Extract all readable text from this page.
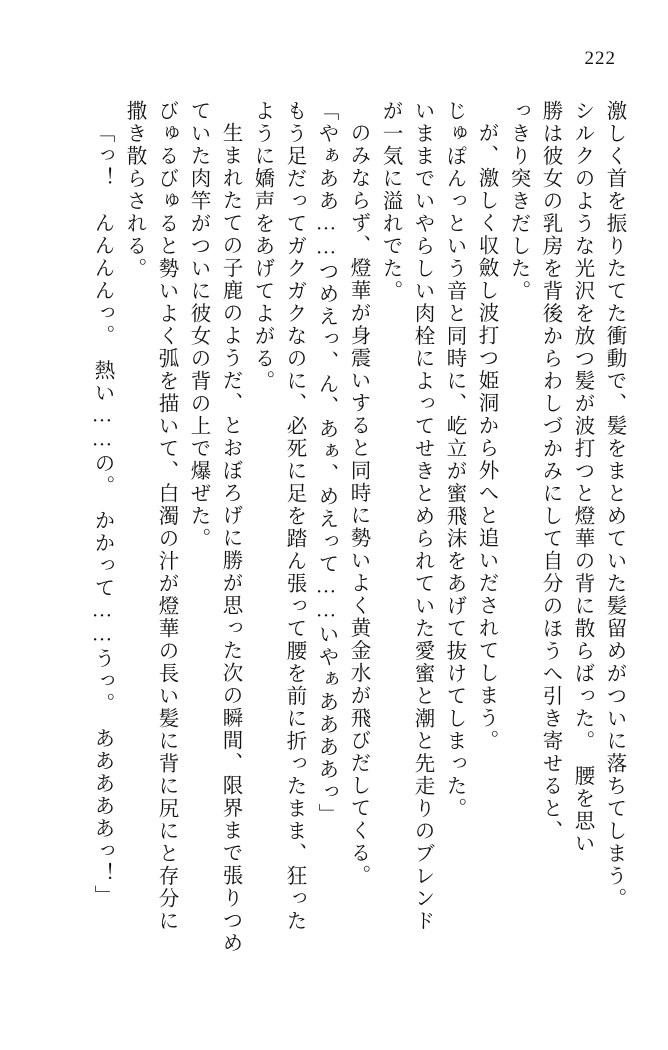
222
激しく首を振りたてた衝動で、髪をまとめていた髪留めがついに落ちてしまう。
シルクのような光沢を放つ髪が波打つと燈華の背に散らばった。　腰を思い
勝は彼女の乳房を背後からわしづかみにして自分のほうへ引き寄せると、
っきり突きだした。
が、激しく収斂し波打つ姫洞から外へと追いだされてしまう。
じゅぽんっという音と同時に、屹立が蜜飛沫をあげて抜けてしまった。
いままでいやらしい肉栓によってせきとめられていた愛蜜と潮と先走りのブレンド
が一気に溢れでた。
のみならず、燈華が身震いすると同時に勢いよく黄金水が飛びだしてくる。
「やぁああ……つめえっ、ん、あぁ、めえって……いやぁああああっ」
もう足だってガクガクなのに、必死に足を踏ん張って腰を前に折ったまま、狂った
ように嬌声をあげてよがる。
生まれたての子鹿のようだ、とおぼろげに勝が思った次の瞬間、限界まで張りつめ
ていた肉竿がついに彼女の背の上で爆ぜた。
びゅるびゅると勢いよく弧を描いて、白濁の汁が燈華の長い髪に背に尻にと存分に
撒き散らされる。
「っ！　んんんんっ。　熱い……の。　かかって……うっ。　あああああっ！」
